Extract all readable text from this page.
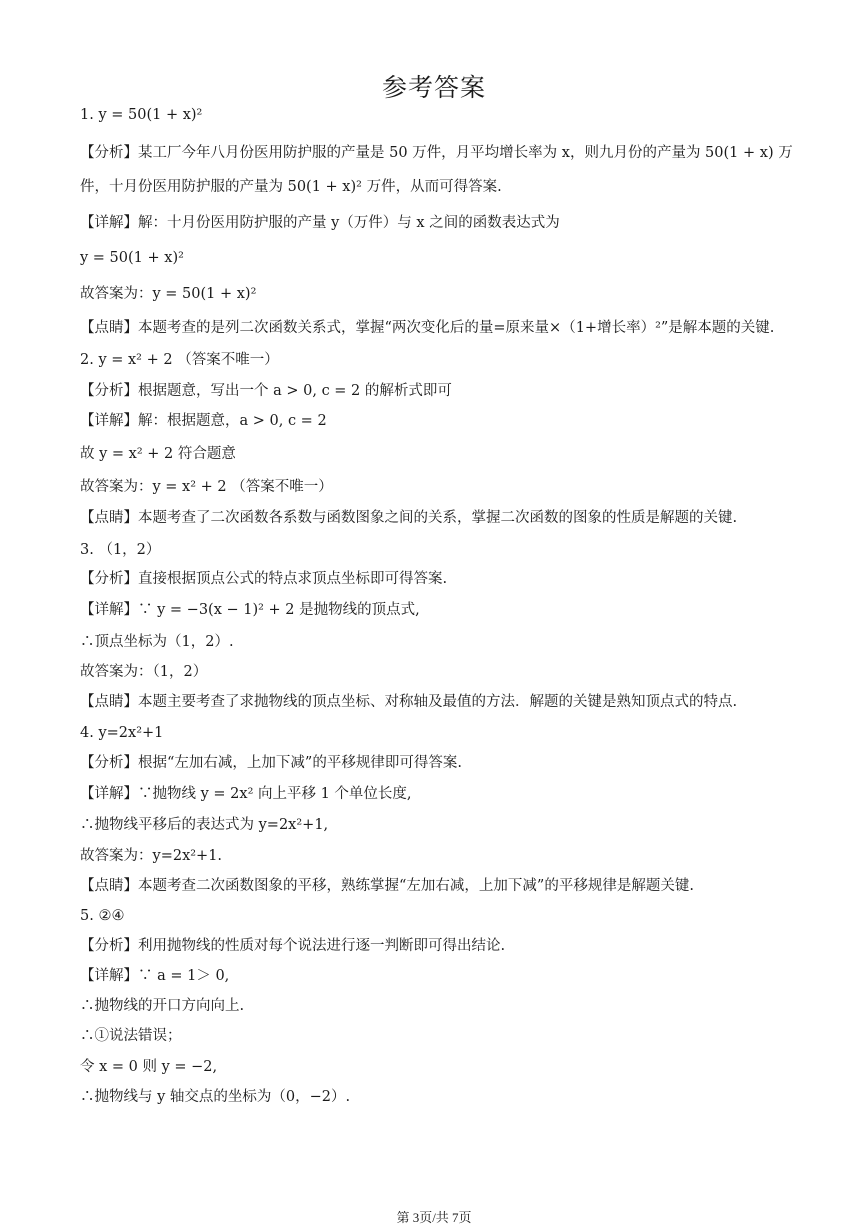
参考答案
1. y = 50(1 + x)²
【分析】某工厂今年八月份医用防护服的产量是 50 万件，月平均增长率为 x，则九月份的产量为 50(1 + x) 万
件，十月份医用防护服的产量为 50(1 + x)² 万件，从而可得答案.
【详解】解：十月份医用防护服的产量 y（万件）与 x 之间的函数表达式为
y = 50(1 + x)²
故答案为：y = 50(1 + x)²
【点睛】本题考查的是列二次函数关系式，掌握“两次变化后的量=原来量×（1+增长率）²”是解本题的关键.
2. y = x² + 2 （答案不唯一）
【分析】根据题意，写出一个 a > 0, c = 2 的解析式即可
【详解】解：根据题意，a > 0, c = 2
故 y = x² + 2 符合题意
故答案为：y = x² + 2 （答案不唯一）
【点睛】本题考查了二次函数各系数与函数图象之间的关系，掌握二次函数的图象的性质是解题的关键.
3. （1，2）
【分析】直接根据顶点公式的特点求顶点坐标即可得答案.
【详解】∵ y = −3(x − 1)² + 2 是抛物线的顶点式,
∴顶点坐标为（1，2）.
故答案为：（1，2）
【点睛】本题主要考查了求抛物线的顶点坐标、对称轴及最值的方法．解题的关键是熟知顶点式的特点.
4. y=2x²+1
【分析】根据“左加右减，上加下减”的平移规律即可得答案.
【详解】∵抛物线 y = 2x² 向上平移 1 个单位长度,
∴抛物线平移后的表达式为 y=2x²+1,
故答案为：y=2x²+1.
【点睛】本题考查二次函数图象的平移，熟练掌握“左加右减，上加下减”的平移规律是解题关键.
5. ②④
【分析】利用抛物线的性质对每个说法进行逐一判断即可得出结论.
【详解】∵ a = 1＞ 0,
∴抛物线的开口方向向上.
∴①说法错误；
令 x = 0 则 y = −2,
∴抛物线与 y 轴交点的坐标为（0，−2）.
第 3页/共 7页
